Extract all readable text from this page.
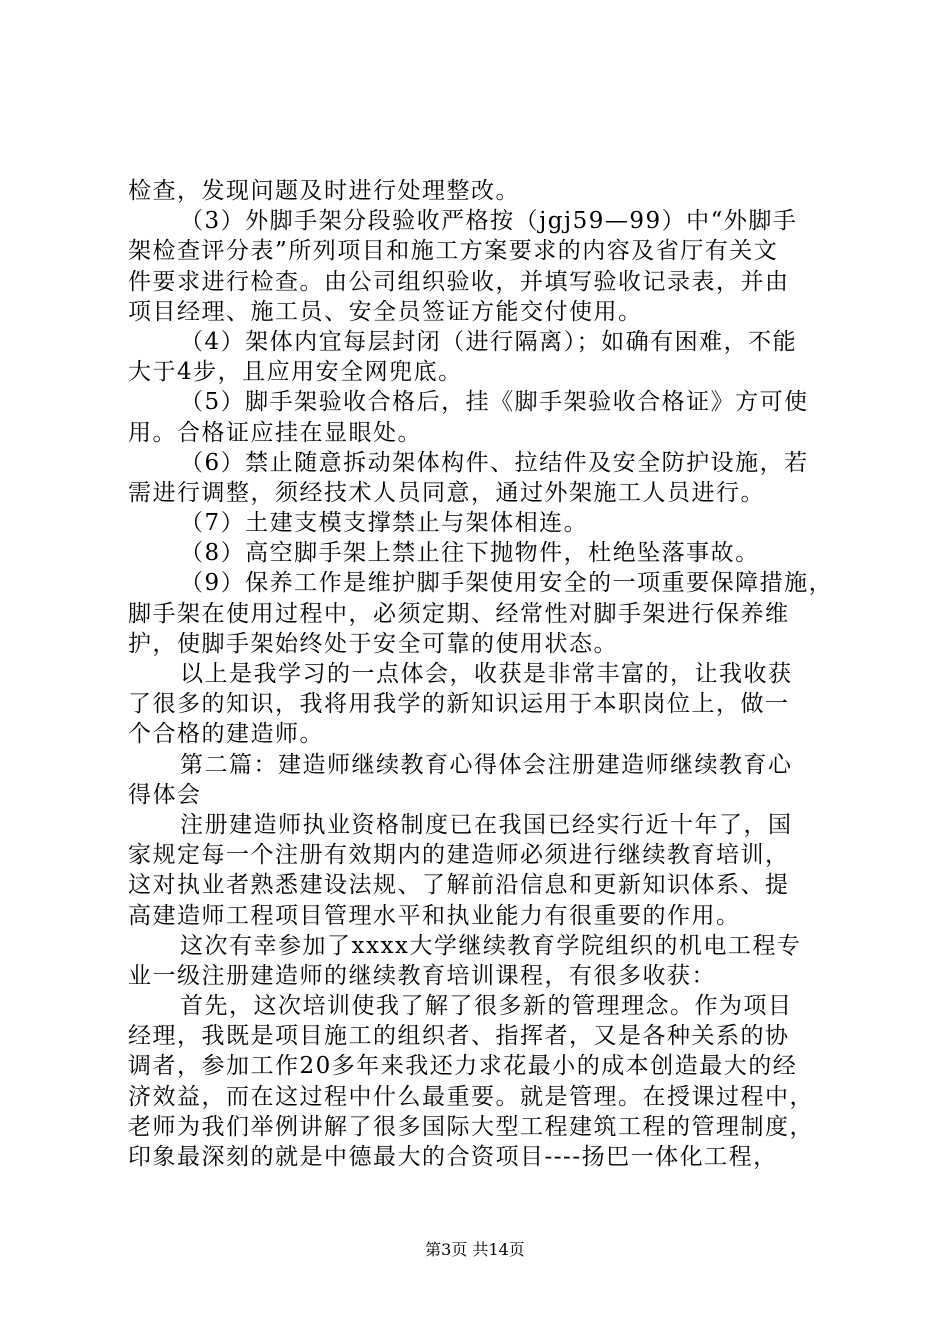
检查，发现问题及时进行处理整改。
（3）外脚手架分段验收严格按（jgj59—99）中“外脚手
架检查评分表”所列项目和施工方案要求的内容及省厅有关文
件要求进行检查。由公司组织验收，并填写验收记录表，并由
项目经理、施工员、安全员签证方能交付使用。
（4）架体内宜每层封闭（进行隔离）；如确有困难，不能
大于4步，且应用安全网兜底。
（5）脚手架验收合格后，挂《脚手架验收合格证》方可使
用。合格证应挂在显眼处。
（6）禁止随意拆动架体构件、拉结件及安全防护设施，若
需进行调整，须经技术人员同意，通过外架施工人员进行。
（7）土建支模支撑禁止与架体相连。
（8）高空脚手架上禁止往下抛物件，杜绝坠落事故。
（9）保养工作是维护脚手架使用安全的一项重要保障措施，
脚手架在使用过程中，必须定期、经常性对脚手架进行保养维
护，使脚手架始终处于安全可靠的使用状态。
以上是我学习的一点体会，收获是非常丰富的，让我收获
了很多的知识，我将用我学的新知识运用于本职岗位上，做一
个合格的建造师。
第二篇：建造师继续教育心得体会注册建造师继续教育心
得体会
注册建造师执业资格制度已在我国已经实行近十年了，国
家规定每一个注册有效期内的建造师必须进行继续教育培训，
这对执业者熟悉建设法规、了解前沿信息和更新知识体系、提
高建造师工程项目管理水平和执业能力有很重要的作用。
这次有幸参加了xxxx大学继续教育学院组织的机电工程专
业一级注册建造师的继续教育培训课程，有很多收获：
首先，这次培训使我了解了很多新的管理理念。作为项目
经理，我既是项目施工的组织者、指挥者，又是各种关系的协
调者，参加工作20多年来我还力求花最小的成本创造最大的经
济效益，而在这过程中什么最重要。就是管理。在授课过程中，
老师为我们举例讲解了很多国际大型工程建筑工程的管理制度，
印象最深刻的就是中德最大的合资项目----扬巴一体化工程，
第3页 共14页
